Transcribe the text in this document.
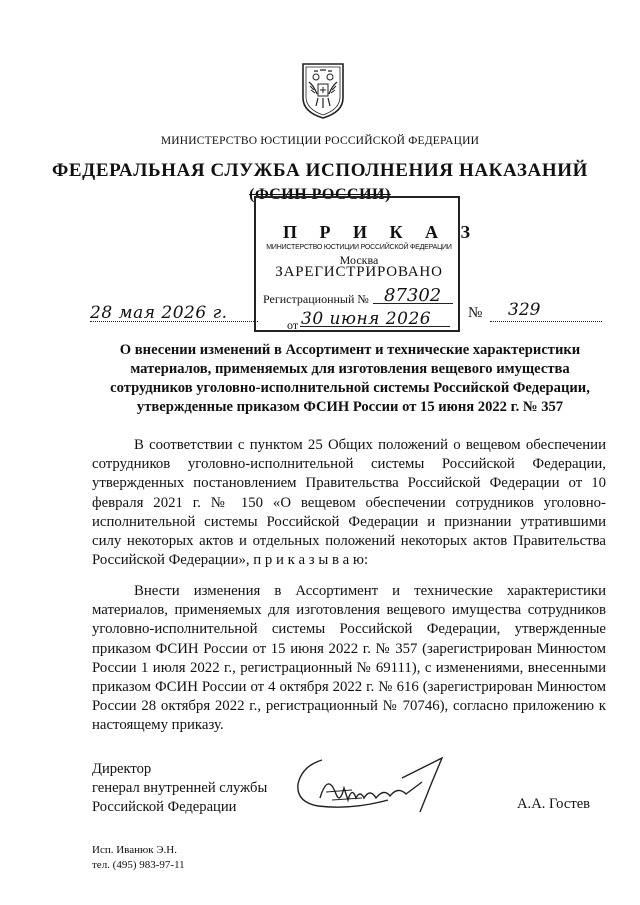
МИНИСТЕРСТВО ЮСТИЦИИ РОССИЙСКОЙ ФЕДЕРАЦИИ
ФЕДЕРАЛЬНАЯ СЛУЖБА ИСПОЛНЕНИЯ НАКАЗАНИЙ
(ФСИН РОССИИ)
П Р И К А З
МИНИСТЕРСТВО ЮСТИЦИИ РОССИЙСКОЙ ФЕДЕРАЦИИ
Москва
ЗАРЕГИСТРИРОВАНО
Регистрационный № 87302
от 30 июня 2026
28 мая 2026 г.	№ 329
О внесении изменений в Ассортимент и технические характеристики материалов, применяемых для изготовления вещевого имущества сотрудников уголовно-исполнительной системы Российской Федерации, утвержденные приказом ФСИН России от 15 июня 2022 г. № 357
В соответствии с пунктом 25 Общих положений о вещевом обеспечении сотрудников уголовно-исполнительной системы Российской Федерации, утвержденных постановлением Правительства Российской Федерации от 10 февраля 2021 г. № 150 «О вещевом обеспечении сотрудников уголовно-исполнительной системы Российской Федерации и признании утратившими силу некоторых актов и отдельных положений некоторых актов Правительства Российской Федерации», п р и к а з ы в а ю:
Внести изменения в Ассортимент и технические характеристики материалов, применяемых для изготовления вещевого имущества сотрудников уголовно-исполнительной системы Российской Федерации, утвержденные приказом ФСИН России от 15 июня 2022 г. № 357 (зарегистрирован Минюстом России 1 июля 2022 г., регистрационный № 69111), с изменениями, внесенными приказом ФСИН России от 4 октября 2022 г. № 616 (зарегистрирован Минюстом России 28 октября 2022 г., регистрационный № 70746), согласно приложению к настоящему приказу.
Директор
генерал внутренней службы
Российской Федерации	А.А. Гостев
Исп. Иванюк Э.Н.
тел. (495) 983-97-11
